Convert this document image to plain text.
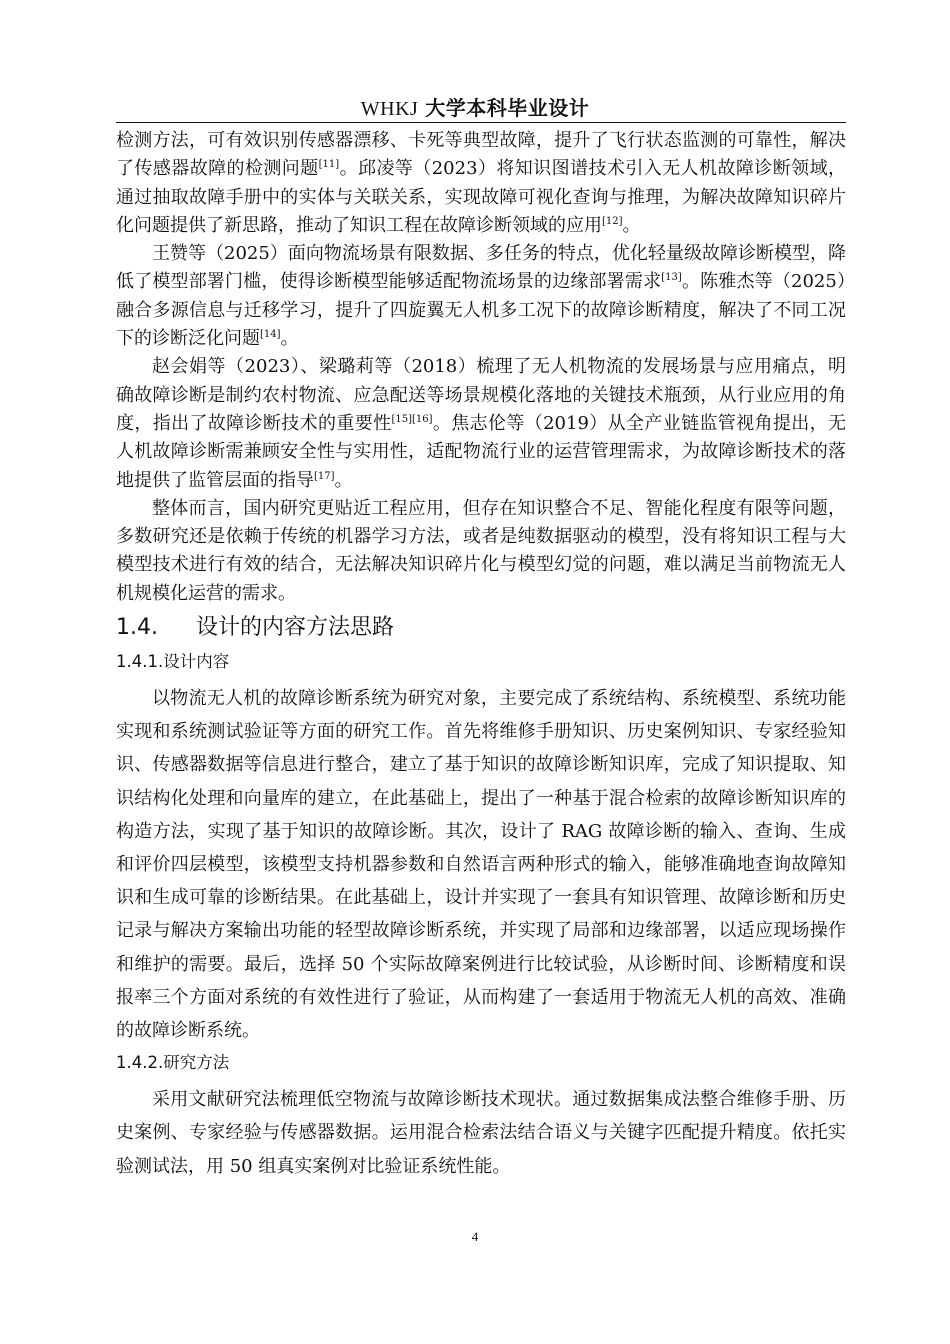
WHKJ 大学本科毕业设计

检测方法，可有效识别传感器漂移、卡死等典型故障，提升了飞行状态监测的可靠性，解决了传感器故障的检测问题[11]。邱凌等（2023）将知识图谱技术引入无人机故障诊断领域，通过抽取故障手册中的实体与关联关系，实现故障可视化查询与推理，为解决故障知识碎片化问题提供了新思路，推动了知识工程在故障诊断领域的应用[12]。

王赞等（2025）面向物流场景有限数据、多任务的特点，优化轻量级故障诊断模型，降低了模型部署门槛，使得诊断模型能够适配物流场景的边缘部署需求[13]。陈雅杰等（2025）融合多源信息与迁移学习，提升了四旋翼无人机多工况下的故障诊断精度，解决了不同工况下的诊断泛化问题[14]。

赵会娟等（2023）、梁璐莉等（2018）梳理了无人机物流的发展场景与应用痛点，明确故障诊断是制约农村物流、应急配送等场景规模化落地的关键技术瓶颈，从行业应用的角度，指出了故障诊断技术的重要性[15][16]。焦志伦等（2019）从全产业链监管视角提出，无人机故障诊断需兼顾安全性与实用性，适配物流行业的运营管理需求，为故障诊断技术的落地提供了监管层面的指导[17]。

整体而言，国内研究更贴近工程应用，但存在知识整合不足、智能化程度有限等问题，多数研究还是依赖于传统的机器学习方法，或者是纯数据驱动的模型，没有将知识工程与大模型技术进行有效的结合，无法解决知识碎片化与模型幻觉的问题，难以满足当前物流无人机规模化运营的需求。

1.4. 设计的内容方法思路
1.4.1.设计内容

以物流无人机的故障诊断系统为研究对象，主要完成了系统结构、系统模型、系统功能实现和系统测试验证等方面的研究工作。首先将维修手册知识、历史案例知识、专家经验知识、传感器数据等信息进行整合，建立了基于知识的故障诊断知识库，完成了知识提取、知识结构化处理和向量库的建立，在此基础上，提出了一种基于混合检索的故障诊断知识库的构造方法，实现了基于知识的故障诊断。其次，设计了 RAG 故障诊断的输入、查询、生成和评价四层模型，该模型支持机器参数和自然语言两种形式的输入，能够准确地查询故障知识和生成可靠的诊断结果。在此基础上，设计并实现了一套具有知识管理、故障诊断和历史记录与解决方案输出功能的轻型故障诊断系统，并实现了局部和边缘部署，以适应现场操作和维护的需要。最后，选择 50 个实际故障案例进行比较试验，从诊断时间、诊断精度和误报率三个方面对系统的有效性进行了验证，从而构建了一套适用于物流无人机的高效、准确的故障诊断系统。

1.4.2.研究方法

采用文献研究法梳理低空物流与故障诊断技术现状。通过数据集成法整合维修手册、历史案例、专家经验与传感器数据。运用混合检索法结合语义与关键字匹配提升精度。依托实验测试法，用 50 组真实案例对比验证系统性能。

4
